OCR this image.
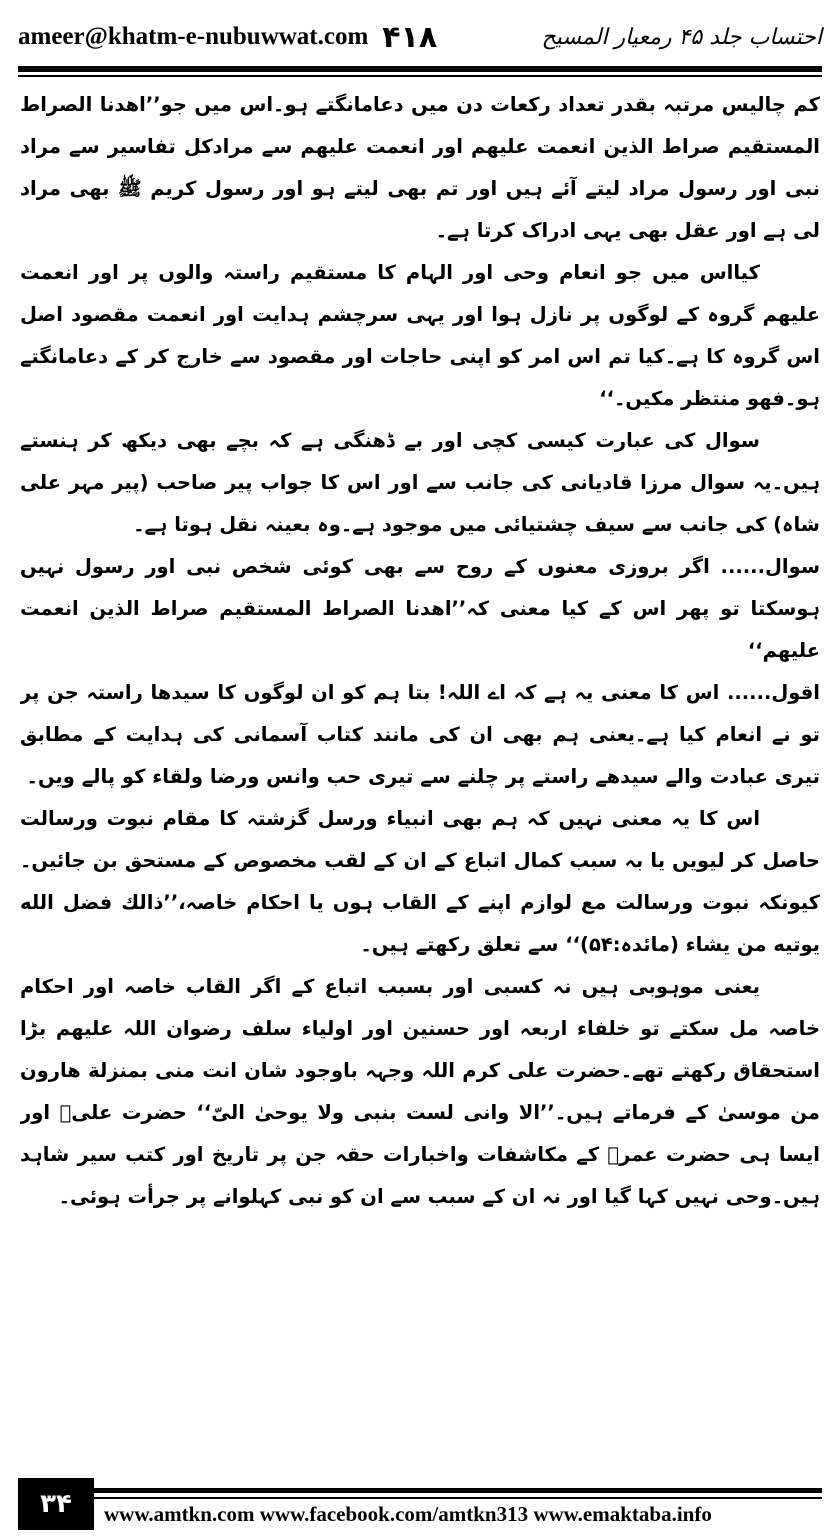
ameer@khatm-e-nubuwwat.com ۴۱۸	احتساب جلد ۴۵ رمعیار المسیح

کم چالیس مرتبہ بقدر تعداد رکعات دن میں دعامانگتے ہو۔اس میں جو’’اھدنا الصراط المستقیم صراط الذین انعمت علیهم اور انعمت علیهم سے مرادکل تفاسیر سے مراد نبی اور رسول مراد لیتے آئے ہیں اور تم بھی لیتے ہو اور رسول کریم ﷺ بھی مراد لی ہے اور عقل بھی یہی ادراک کرتا ہے۔

کیااس میں جو انعام وحی اور الہام کا مستقیم راستہ والوں پر اور انعمت علیهم گروہ کے لوگوں پر نازل ہوا اور یہی سرچشم ہدایت اور انعمت مقصود اصل اس گروہ کا ہے۔کیا تم اس امر کو اپنی حاجات اور مقصود سے خارج کر کے دعامانگتے ہو۔فهو منتظر مکیں۔‘‘

سوال کی عبارت کیسی کچی اور بے ڈھنگی ہے کہ بچے بھی دیکھ کر ہنستے ہیں۔یہ سوال مرزا قادیانی کی جانب سے اور اس کا جواب پیر صاحب (پیر مہر علی شاہ) کی جانب سے سیف چشتیائی میں موجود ہے۔وہ بعینہ نقل ہوتا ہے۔

سوال...... اگر بروزی معنوں کے روح سے بھی کوئی شخص نبی اور رسول نہیں ہوسکتا تو پھر اس کے کیا معنی کہ’’اھدنا الصراط المستقیم صراط الذین انعمت علیهم‘‘

اقول...... اس کا معنی یہ ہے کہ اے اللہ! بتا ہم کو ان لوگوں کا سیدھا راستہ جن پر تو نے انعام کیا ہے۔یعنی ہم بھی ان کی مانند کتاب آسمانی کی ہدایت کے مطابق تیری عبادت والے سیدھے راستے پر چلنے سے تیری حب وانس ورضا ولقاء کو پالے ویں۔

اس کا یہ معنی نہیں کہ ہم بھی انبیاء ورسل گزشتہ کا مقام نبوت ورسالت حاصل کر لیویں یا بہ سبب کمال اتباع کے ان کے لقب مخصوص کے مستحق بن جائیں۔کیونکہ نبوت ورسالت مع لوازم اپنے کے القاب ہوں یا احکام خاصہ،’’ذالك فضل الله يوتيه من يشاء (مائدہ:۵۴)‘‘ سے تعلق رکھتے ہیں۔

یعنی موہوبی ہیں نہ کسبی اور بسبب اتباع کے اگر القاب خاصہ اور احکام خاصہ مل سکتے تو خلفاء اربعہ اور حسنین اور اولیاء سلف رضوان اللہ علیهم بڑا استحقاق رکھتے تھے۔حضرت علی کرم اللہ وجہہ باوجود شان انت منی بمنزلة هارون من موسیٰ کے فرماتے ہیں۔’’الا وانی لست بنبی ولا یوحیٰ الیّ‘‘ حضرت علیؓ اور ایسا ہی حضرت عمرؓ کے مکاشفات واخبارات حقہ جن پر تاریخ اور کتب سیر شاہد ہیں۔وحی نہیں کہا گیا اور نہ ان کے سبب سے ان کو نبی کہلوانے پر جرأت ہوئی۔

۳۴	www.amtkn.com www.facebook.com/amtkn313 www.emaktaba.info
